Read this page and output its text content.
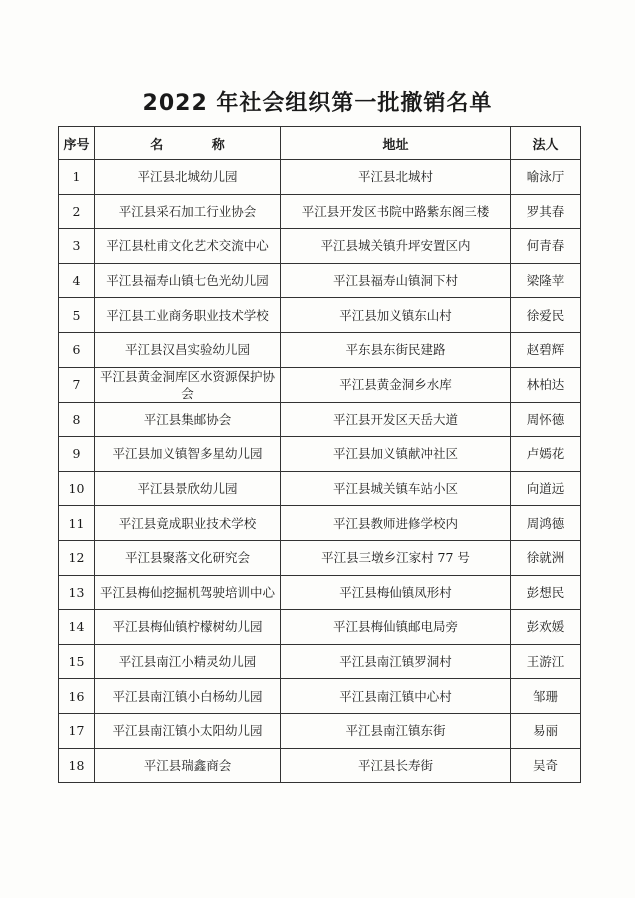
2022 年社会组织第一批撤销名单
序号	名 称	地址	法人
1	平江县北城幼儿园	平江县北城村	喻泳厅
2	平江县采石加工行业协会	平江县开发区书院中路紫东阁三楼	罗其春
3	平江县杜甫文化艺术交流中心	平江县城关镇升坪安置区内	何青春
4	平江县福寿山镇七色光幼儿园	平江县福寿山镇洞下村	梁隆苹
5	平江县工业商务职业技术学校	平江县加义镇东山村	徐爱民
6	平江县汉昌实验幼儿园	平东县东街民建路	赵碧辉
7	平江县黄金洞库区水资源保护协会	平江县黄金洞乡水库	林柏达
8	平江县集邮协会	平江县开发区天岳大道	周怀德
9	平江县加义镇智多星幼儿园	平江县加义镇献冲社区	卢嫣花
10	平江县景欣幼儿园	平江县城关镇车站小区	向道远
11	平江县竟成职业技术学校	平江县教师进修学校内	周鸿德
12	平江县聚落文化研究会	平江县三墩乡江家村 77 号	徐就洲
13	平江县梅仙挖掘机驾驶培训中心	平江县梅仙镇凤形村	彭想民
14	平江县梅仙镇柠檬树幼儿园	平江县梅仙镇邮电局旁	彭欢媛
15	平江县南江小精灵幼儿园	平江县南江镇罗洞村	王游江
16	平江县南江镇小白杨幼儿园	平江县南江镇中心村	邹珊
17	平江县南江镇小太阳幼儿园	平江县南江镇东街	易丽
18	平江县瑞鑫商会	平江县长寿街	吴奇
